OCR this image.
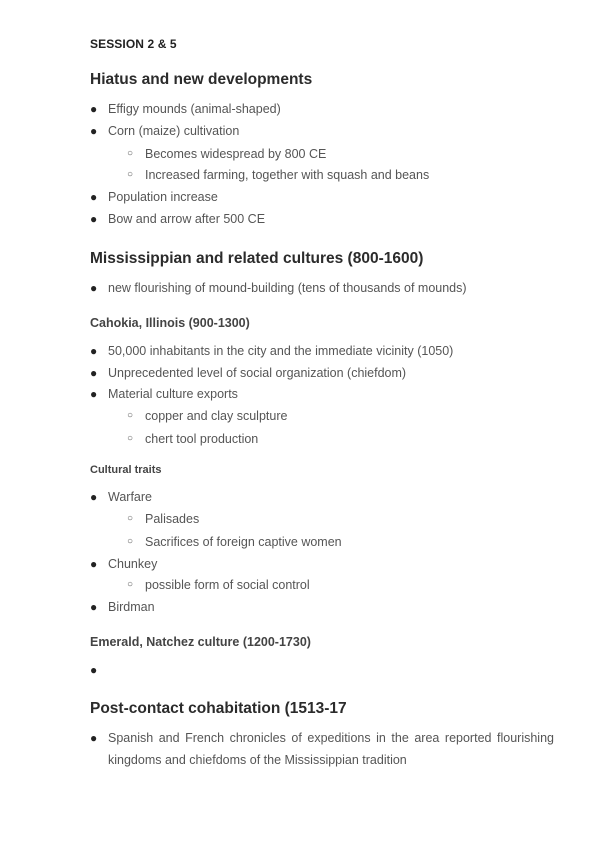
SESSION 2 & 5
Hiatus and new developments
● Effigy mounds (animal-shaped)
● Corn (maize) cultivation
○ Becomes widespread by 800 CE
○ Increased farming, together with squash and beans
● Population increase
● Bow and arrow after 500 CE
Mississippian and related cultures (800-1600)
● new flourishing of mound-building (tens of thousands of mounds)
Cahokia, Illinois (900-1300)
● 50,000 inhabitants in the city and the immediate vicinity (1050)
● Unprecedented level of social organization (chiefdom)
● Material culture exports
○ copper and clay sculpture
○ chert tool production
Cultural traits
● Warfare
○ Palisades
○ Sacrifices of foreign captive women
● Chunkey
○ possible form of social control
● Birdman
Emerald, Natchez culture (1200-1730)
●
Post-contact cohabitation (1513-17
● Spanish and French chronicles of expeditions in the area reported flourishing kingdoms and chiefdoms of the Mississippian tradition
